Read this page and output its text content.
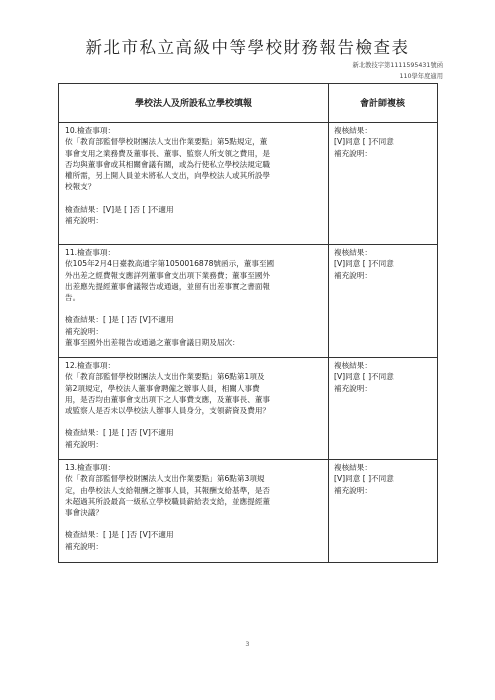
新北市私立高級中等學校財務報告檢查表
新北教技字第1111595431號函
110學年度適用
學校法人及所設私立學校填報	會計師複核
10.檢查事項：
依「教育部監督學校財團法人支出作業要點」第5點規定，董
事會支用之業務費及董事長、董事、監察人所支領之費用，是
否均與董事會或其相關會議有關，或為行使私立學校法規定職
權所需，另上開人員並未將私人支出，向學校法人或其所設學
校報支？
檢查結果：[V]是 [ ]否 [ ]不適用
補充說明：
複核結果：
[V]同意 [ ]不同意
補充說明：
11.檢查事項：
依105年2月4日臺教高通字第1050016878號函示，董事至國
外出差之經費報支應詳列董事會支出項下業務費；董事至國外
出差應先提經董事會議報告或通過，並留有出差事實之書面報
告。
檢查結果：[ ]是 [ ]否 [V]不適用
補充說明：
董事至國外出差報告或通過之董事會議日期及屆次：
複核結果：
[V]同意 [ ]不同意
補充說明：
12.檢查事項：
依「教育部監督學校財團法人支出作業要點」第6點第1項及
第2項規定，學校法人董事會聘僱之辦事人員，相關人事費
用，是否均由董事會支出項下之人事費支應，及董事長、董事
或監察人是否未以學校法人辦事人員身分，支領薪資及費用？
檢查結果：[ ]是 [ ]否 [V]不適用
補充說明：
複核結果：
[V]同意 [ ]不同意
補充說明：
13.檢查事項：
依「教育部監督學校財團法人支出作業要點」第6點第3項規
定，由學校法人支給報酬之辦事人員，其報酬支給基準，是否
未超過其所設最高一級私立學校職員薪給表支給，並應提經董
事會決議？
檢查結果：[ ]是 [ ]否 [V]不適用
補充說明：
複核結果：
[V]同意 [ ]不同意
補充說明：
3
